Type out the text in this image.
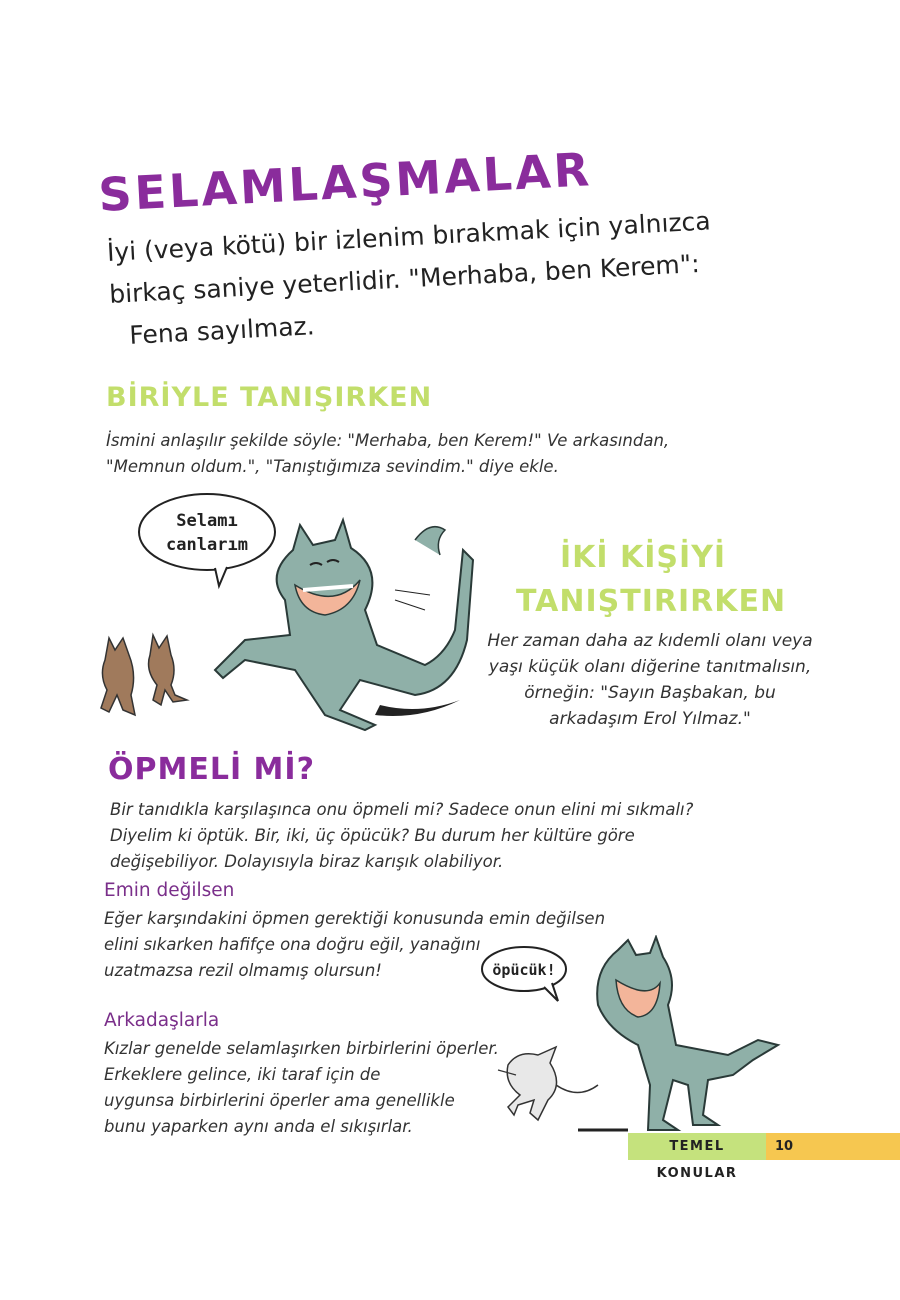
SELAMLAŞMALAR
İyi (veya kötü) bir izlenim bırakmak için yalnızca
birkaç saniye yeterlidir. "Merhaba, ben Kerem":
Fena sayılmaz.
BİRİYLE TANIŞIRKEN
İsmini anlaşılır şekilde söyle: "Merhaba, ben Kerem!" Ve arkasından,
"Memnun oldum.", "Tanıştığımıza sevindim." diye ekle.
Selamı
canlarım	İKİ KİŞİYİ
TANIŞTIRIRKEN
Her zaman daha az kıdemli olanı veya
yaşı küçük olanı diğerine tanıtmalısın,
örneğin: "Sayın Başbakan, bu
arkadaşım Erol Yılmaz."
ÖPMELİ Mİ?
Bir tanıdıkla karşılaşınca onu öpmeli mi? Sadece onun elini mi sıkmalı?
Diyelim ki öptük. Bir, iki, üç öpücük? Bu durum her kültüre göre
değişebiliyor. Dolayısıyla biraz karışık olabiliyor.
Emin değilsen
Eğer karşındakini öpmen gerektiği konusunda emin değilsen
elini sıkarken hafifçe ona doğru eğil, yanağını
uzatmazsa rezil olmamış olursun!
Arkadaşlarla
Kızlar genelde selamlaşırken birbirlerini öperler.
Erkeklere gelince, iki taraf için de
uygunsa birbirlerini öperler ama genellikle
bunu yaparken aynı anda el sıkışırlar.
öpücük!
TEMEL KONULAR
10
